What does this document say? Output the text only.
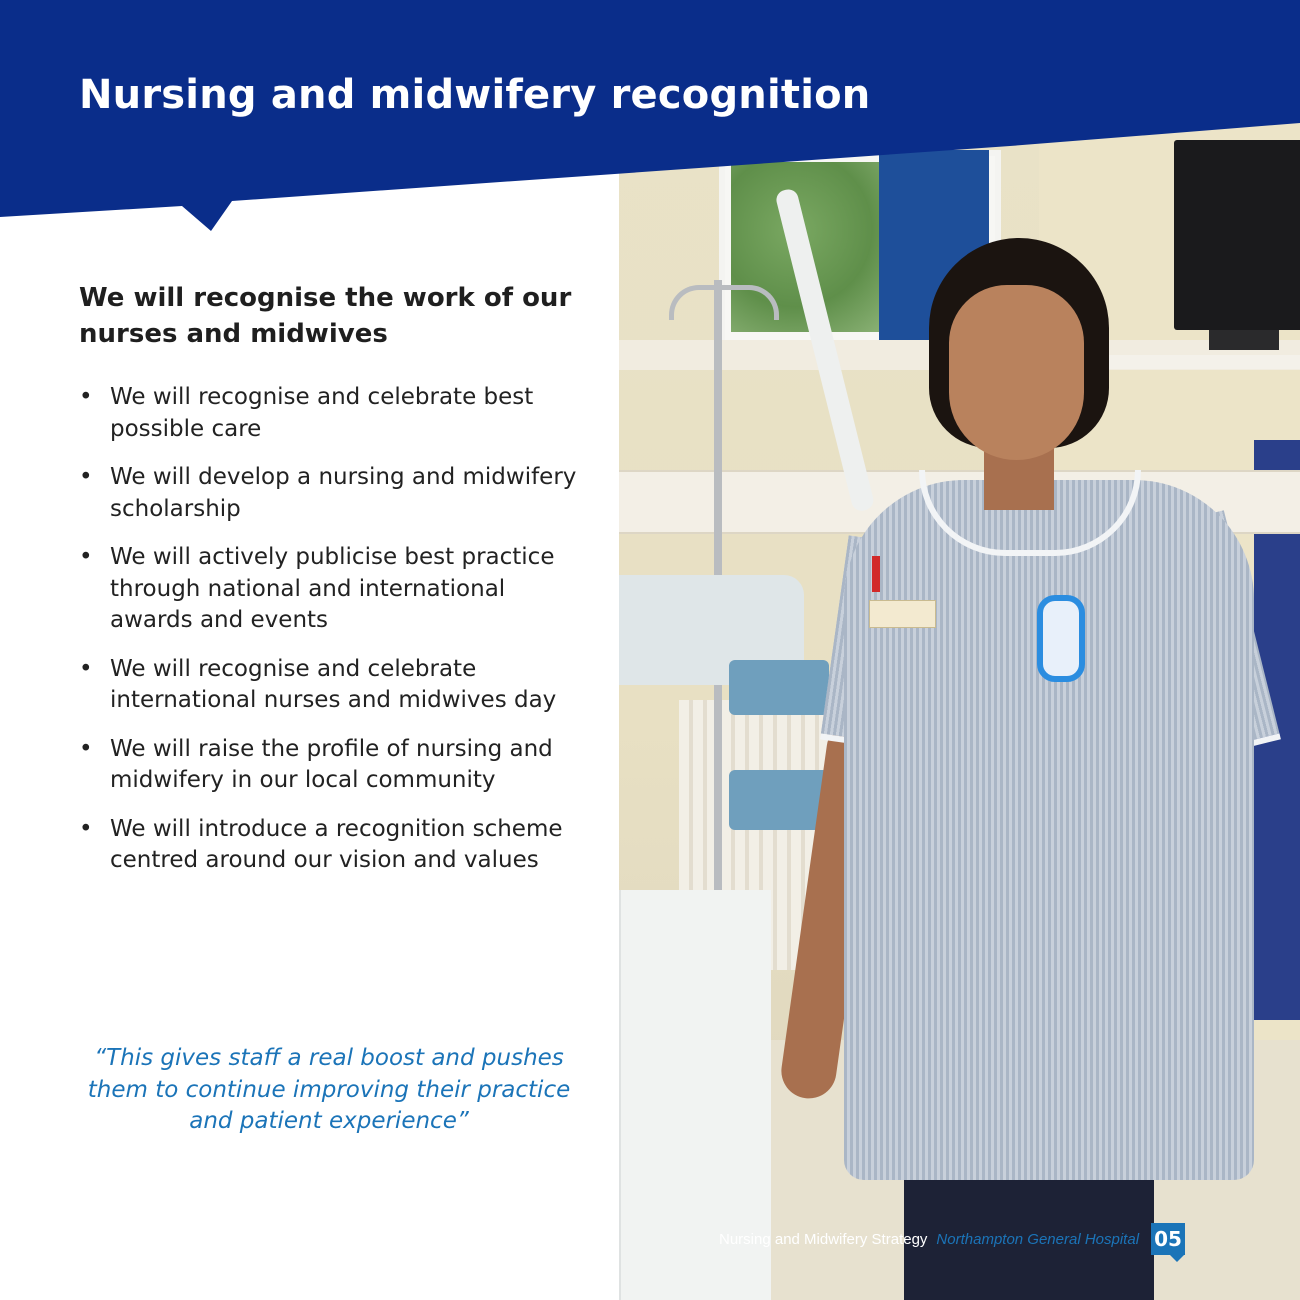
Nursing and midwifery recognition
We will recognise the work of our nurses and midwives
• We will recognise and celebrate best possible care
• We will develop a nursing and midwifery scholarship
• We will actively publicise best practice through national and international awards and events
• We will recognise and celebrate international nurses and midwives day
• We will raise the profile of nursing and midwifery in our local community
• We will introduce a recognition scheme centred around our vision and values

“This gives staff a real boost and pushes them to continue improving their practice and patient experience”

Nursing and Midwifery Strategy Northampton General Hospital 05
